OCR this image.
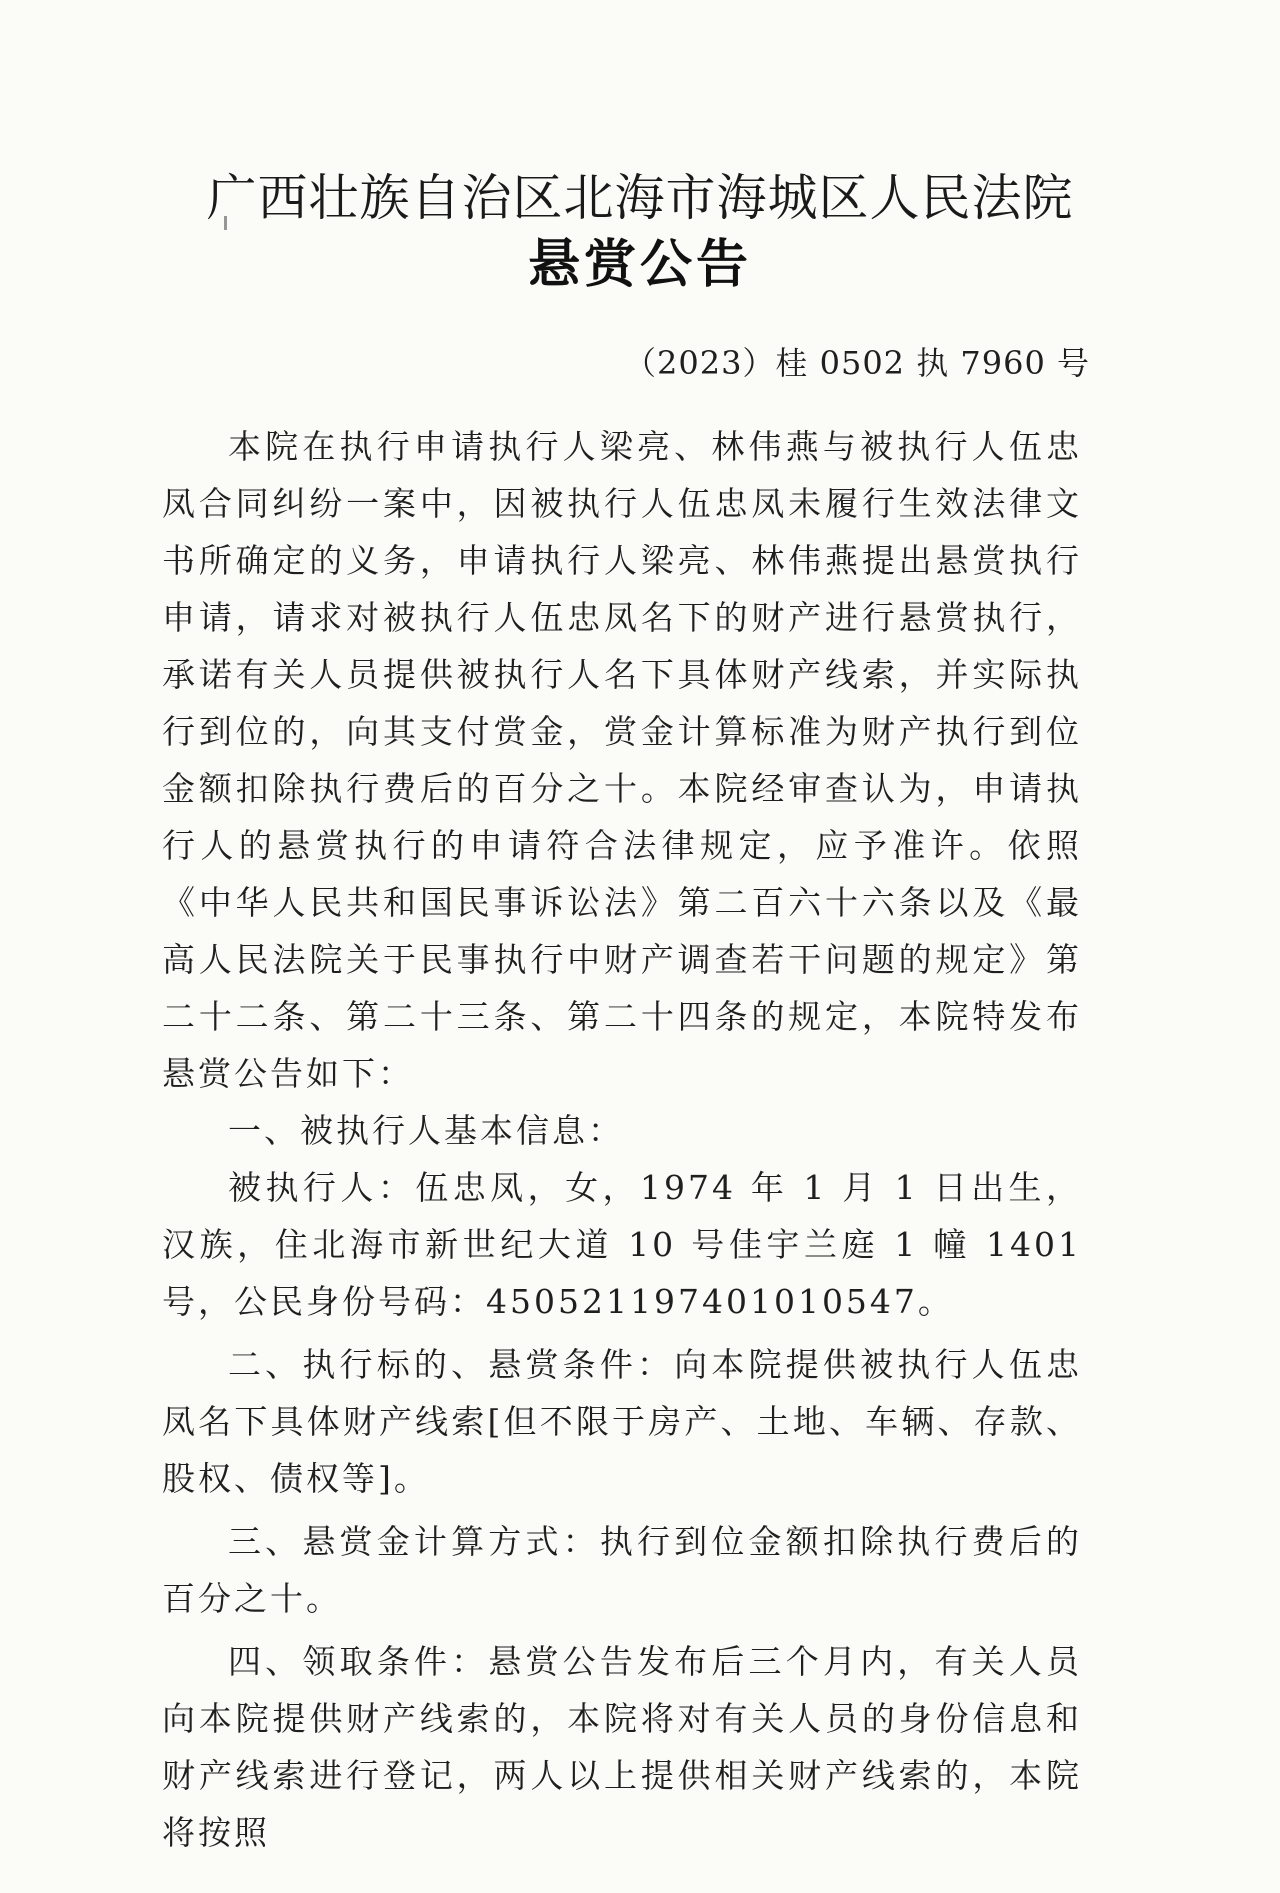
广西壮族自治区北海市海城区人民法院
悬赏公告
（2023）桂 0502 执 7960 号

本院在执行申请执行人梁亮、林伟燕与被执行人伍忠凤合同纠纷一案中，因被执行人伍忠凤未履行生效法律文书所确定的义务，申请执行人梁亮、林伟燕提出悬赏执行申请，请求对被执行人伍忠凤名下的财产进行悬赏执行，承诺有关人员提供被执行人名下具体财产线索，并实际执行到位的，向其支付赏金，赏金计算标准为财产执行到位金额扣除执行费后的百分之十。本院经审查认为，申请执行人的悬赏执行的申请符合法律规定，应予准许。依照《中华人民共和国民事诉讼法》第二百六十六条以及《最高人民法院关于民事执行中财产调查若干问题的规定》第二十二条、第二十三条、第二十四条的规定，本院特发布悬赏公告如下：

一、被执行人基本信息：

被执行人：伍忠凤，女，1974 年 1 月 1 日出生，汉族，住北海市新世纪大道 10 号佳宇兰庭 1 幢 1401 号，公民身份号码：450521197401010547。

二、执行标的、悬赏条件：向本院提供被执行人伍忠凤名下具体财产线索[但不限于房产、土地、车辆、存款、股权、债权等]。

三、悬赏金计算方式：执行到位金额扣除执行费后的百分之十。

四、领取条件：悬赏公告发布后三个月内，有关人员向本院提供财产线索的，本院将对有关人员的身份信息和财产线索进行登记，两人以上提供相关财产线索的，本院将按照
